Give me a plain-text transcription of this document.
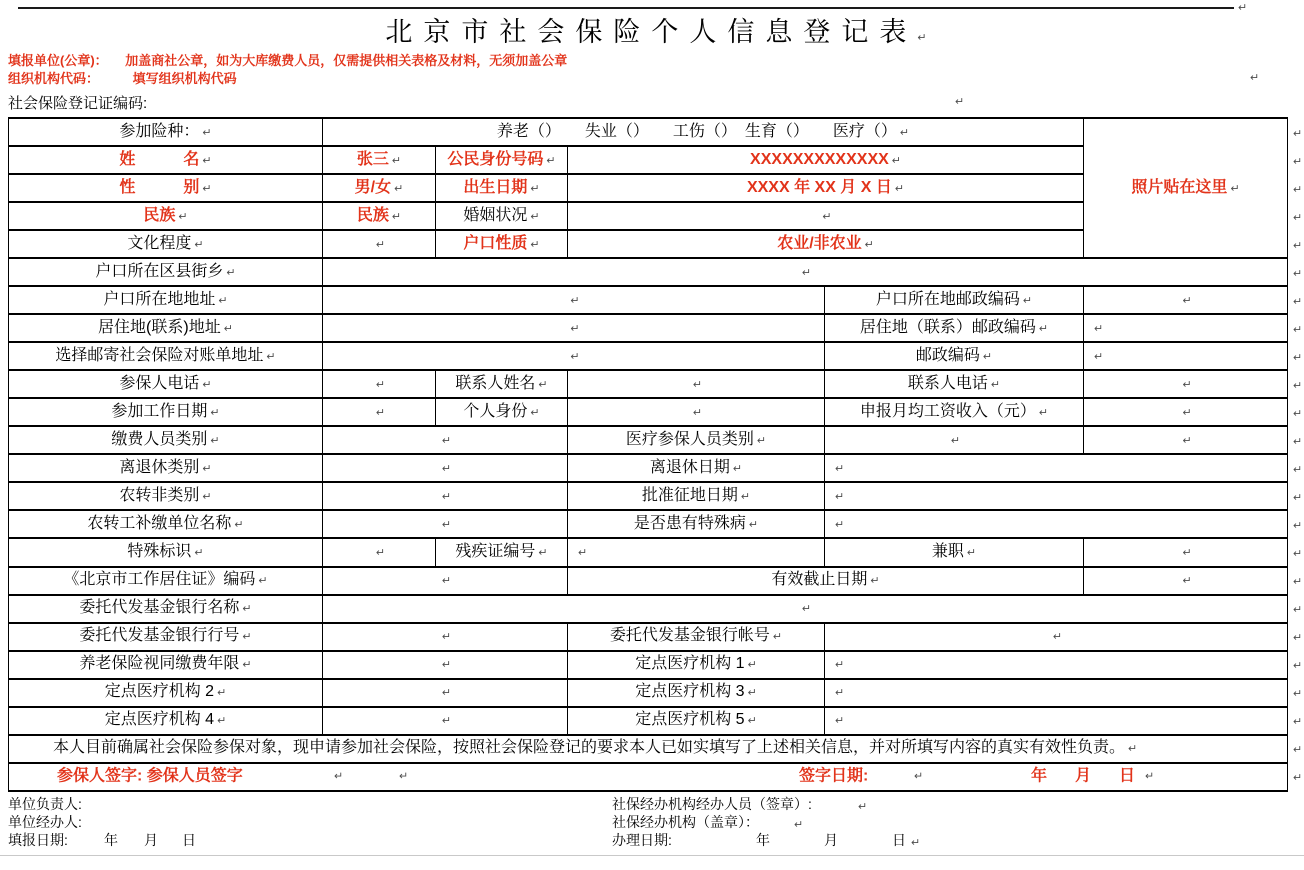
↵
北京市社会保险个人信息登记表↵
填报单位(公章)： 加盖商社公章，如为大库缴费人员，仅需提供相关表格及材料，无须加盖公章
组织机构代码：	填写组织机构代码	↵
社会保险登记证编码:	↵
参加险种： ↵	养老（）　　失业（）　　工伤（）　生育（）　　医疗（） ↵				照片贴在这里 ↵
姓　　　名 ↵	张三 ↵	公民身份号码 ↵	XXXXXXXXXXXXX ↵		
性　　　别 ↵	男/女 ↵	出生日期 ↵	XXXX 年 XX 月 X 日 ↵		
民族 ↵	民族 ↵	婚姻状况 ↵	↵		
文化程度 ↵	↵	户口性质 ↵	农业/非农业 ↵		
户口所在区县街乡 ↵	↵				
户口所在地地址 ↵	↵			户口所在地邮政编码 ↵	↵
居住地(联系)地址 ↵	↵			居住地（联系）邮政编码 ↵	↵
选择邮寄社会保险对账单地址 ↵	↵			邮政编码 ↵	↵
参保人电话 ↵	↵	联系人姓名 ↵	↵	联系人电话 ↵	↵
参加工作日期 ↵	↵	个人身份 ↵	↵	申报月均工资收入（元） ↵	↵
缴费人员类别 ↵	↵		医疗参保人员类别 ↵	↵	↵
离退休类别 ↵	↵		离退休日期 ↵	↵	
农转非类别 ↵	↵		批准征地日期 ↵	↵	
农转工补缴单位名称 ↵	↵		是否患有特殊病 ↵	↵	
特殊标识 ↵	↵	残疾证编号 ↵	↵	兼职 ↵	↵
《北京市工作居住证》编码 ↵	↵		有效截止日期 ↵		↵
委托代发基金银行名称 ↵	↵				
委托代发基金银行行号 ↵	↵		委托代发基金银行帐号 ↵	↵	
养老保险视同缴费年限 ↵	↵		定点医疗机构 1 ↵	↵	
定点医疗机构 2 ↵	↵		定点医疗机构 3 ↵	↵	
定点医疗机构 4 ↵	↵		定点医疗机构 5 ↵	↵	
本人目前确属社会保险参保对象，现申请参加社会保险，按照社会保险登记的要求本人已如实填写了上述相关信息，并对所填写内容的真实有效性负责。 ↵					

参保人签字: 参保人员签字	↵	↵	签字日期:	↵	年 月 日 ↵
↵
↵
↵
↵
↵
↵
↵
↵
↵
↵
↵
↵
↵
↵
↵
↵
↵
↵
↵
↵
↵
↵
↵
↵
单位负责人:	社保经办机构经办人员（签章）:	↵
单位经办人:	社保经办机构（盖章）：	↵
填报日期:	年 月 日	办理日期:	年	月	日 ↵
